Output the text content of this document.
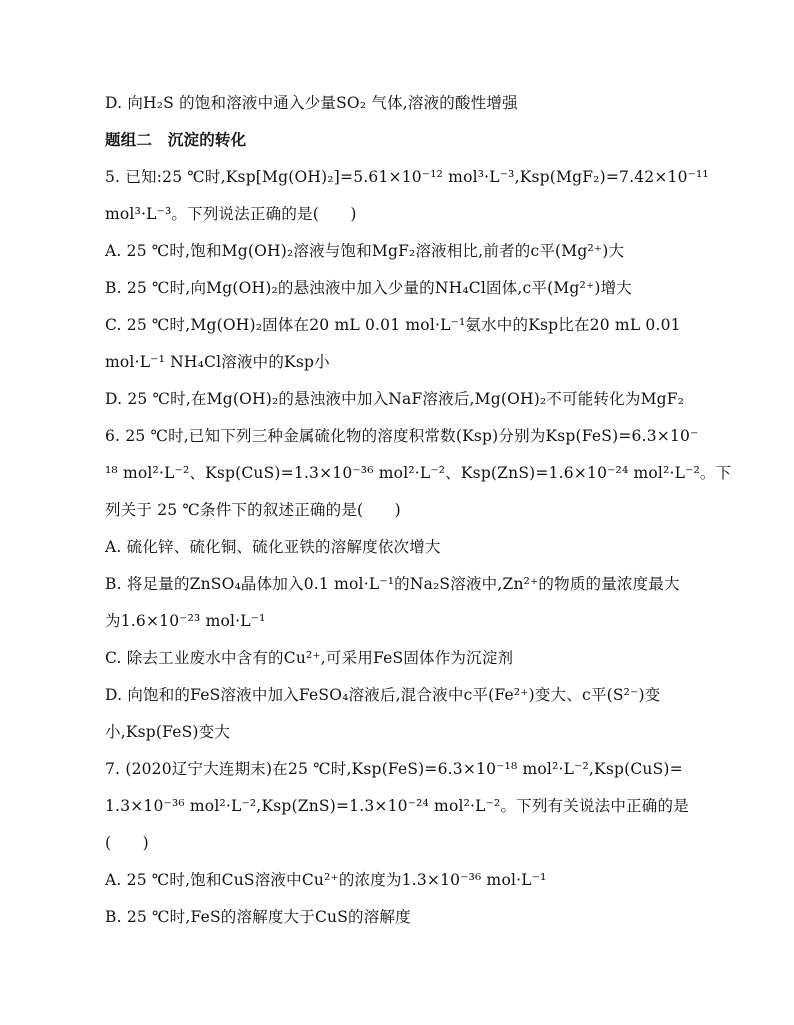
D. 向H₂S 的饱和溶液中通入少量SO₂ 气体,溶液的酸性增强
题组二　沉淀的转化
5. 已知:25 ℃时,Ksp[Mg(OH)₂]=5.61×10⁻¹² mol³·L⁻³,Ksp(MgF₂)=7.42×10⁻¹¹
mol³·L⁻³。下列说法正确的是(　　)
A. 25 ℃时,饱和Mg(OH)₂溶液与饱和MgF₂溶液相比,前者的c平(Mg²⁺)大
B. 25 ℃时,向Mg(OH)₂的悬浊液中加入少量的NH₄Cl固体,c平(Mg²⁺)增大
C. 25 ℃时,Mg(OH)₂固体在20 mL 0.01 mol·L⁻¹氨水中的Ksp比在20 mL 0.01
mol·L⁻¹ NH₄Cl溶液中的Ksp小
D. 25 ℃时,在Mg(OH)₂的悬浊液中加入NaF溶液后,Mg(OH)₂不可能转化为MgF₂
6. 25 ℃时,已知下列三种金属硫化物的溶度积常数(Ksp)分别为Ksp(FeS)=6.3×10⁻
¹⁸ mol²·L⁻²、Ksp(CuS)=1.3×10⁻³⁶ mol²·L⁻²、Ksp(ZnS)=1.6×10⁻²⁴ mol²·L⁻²。下
列关于 25 ℃条件下的叙述正确的是(　　)
A. 硫化锌、硫化铜、硫化亚铁的溶解度依次增大
B. 将足量的ZnSO₄晶体加入0.1 mol·L⁻¹的Na₂S溶液中,Zn²⁺的物质的量浓度最大
为1.6×10⁻²³ mol·L⁻¹
C. 除去工业废水中含有的Cu²⁺,可采用FeS固体作为沉淀剂
D. 向饱和的FeS溶液中加入FeSO₄溶液后,混合液中c平(Fe²⁺)变大、c平(S²⁻)变
小,Ksp(FeS)变大
7. (2020辽宁大连期末)在25 ℃时,Ksp(FeS)=6.3×10⁻¹⁸ mol²·L⁻²,Ksp(CuS)=
1.3×10⁻³⁶ mol²·L⁻²,Ksp(ZnS)=1.3×10⁻²⁴ mol²·L⁻²。下列有关说法中正确的是
(　　)
A. 25 ℃时,饱和CuS溶液中Cu²⁺的浓度为1.3×10⁻³⁶ mol·L⁻¹
B. 25 ℃时,FeS的溶解度大于CuS的溶解度
